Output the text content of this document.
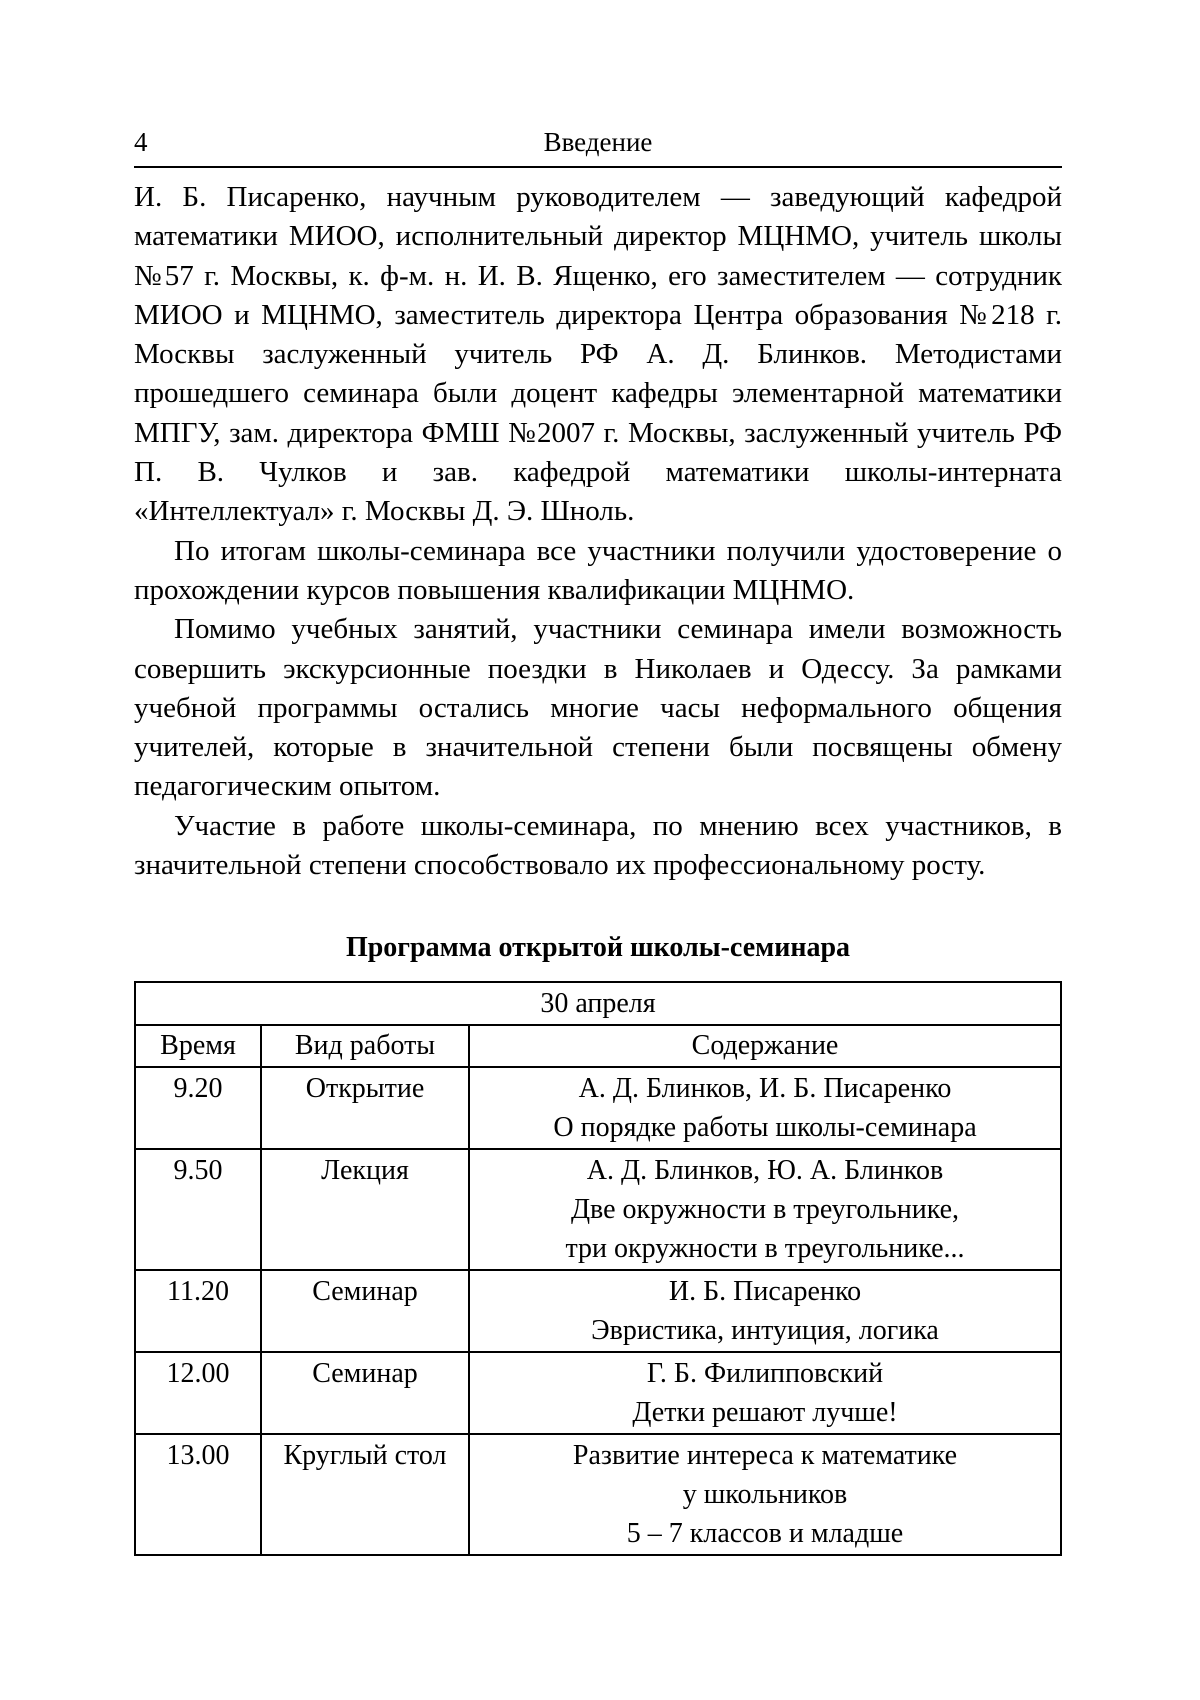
4	Введение

И. Б. Писаренко, научным руководителем — заведующий кафедрой математики МИОО, исполнительный директор МЦНМО, учитель школы №57 г. Москвы, к. ф-м. н. И. В. Ященко, его заместителем — сотрудник МИОО и МЦНМО, заместитель директора Центра образования №218 г. Москвы заслуженный учитель РФ А. Д. Блинков. Методистами прошедшего семинара были доцент кафедры элементарной математики МПГУ, зам. директора ФМШ №2007 г. Москвы, заслуженный учитель РФ П. В. Чулков и зав. кафедрой математики школы-интерната «Интеллектуал» г. Москвы Д. Э. Шноль.

По итогам школы-семинара все участники получили удостоверение о прохождении курсов повышения квалификации МЦНМО.

Помимо учебных занятий, участники семинара имели возможность совершить экскурсионные поездки в Николаев и Одессу. За рамками учебной программы остались многие часы неформального общения учителей, которые в значительной степени были посвящены обмену педагогическим опытом.

Участие в работе школы-семинара, по мнению всех участников, в значительной степени способствовало их профессиональному росту.

Программа открытой школы-семинара
30 апреля		
Время	Вид работы	Содержание
9.20	Открытие	А. Д. Блинков, И. Б. Писаренко
О порядке работы школы-семинара

9.50	Лекция	А. Д. Блинков, Ю. А. Блинков
Две окружности в треугольнике,
три окружности в треугольнике...

11.20	Семинар	И. Б. Писаренко
Эвристика, интуиция, логика

12.00	Семинар	Г. Б. Филипповский
Детки решают лучше!

13.00	Круглый стол	Развитие интереса к математике
у школьников
5 – 7 классов и младше
